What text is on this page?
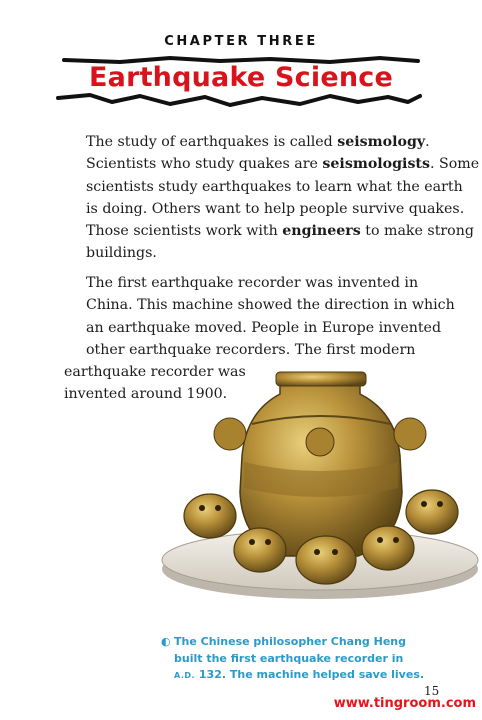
CHAPTER THREE
Earthquake Science

The study of earthquakes is called seismology.
Scientists who study quakes are seismologists. Some
scientists study earthquakes to learn what the earth
is doing. Others want to help people survive quakes.
Those scientists work with engineers to make strong
buildings.

The first earthquake recorder was invented in
China. This machine showed the direction in which
an earthquake moved. People in Europe invented
other earthquake recorders. The first modern
earthquake recorder was
invented around 1900.

◐ The Chinese philosopher Chang Heng
built the first earthquake recorder in
A.D. 132. The machine helped save lives.
15
www.tingroom.com
